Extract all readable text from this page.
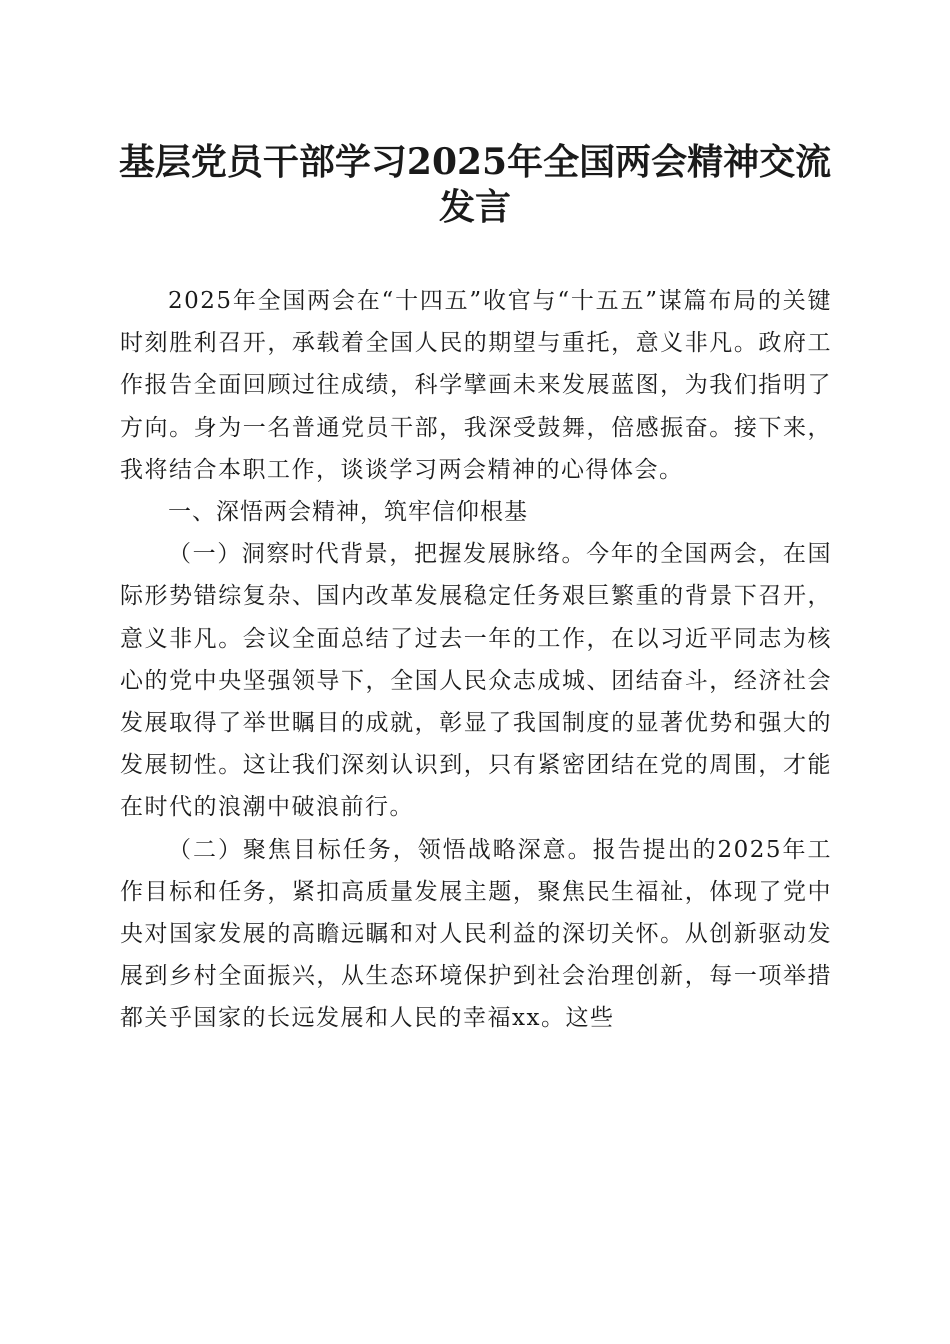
基层党员干部学习2025年全国两会精神交流
发言

2025年全国两会在“十四五”收官与“十五五”谋篇布局的关键时刻胜利召开，承载着全国人民的期望与重托，意义非凡。政府工作报告全面回顾过往成绩，科学擘画未来发展蓝图，为我们指明了方向。身为一名普通党员干部，我深受鼓舞，倍感振奋。接下来，我将结合本职工作，谈谈学习两会精神的心得体会。

一、深悟两会精神，筑牢信仰根基

（一）洞察时代背景，把握发展脉络。今年的全国两会，在国际形势错综复杂、国内改革发展稳定任务艰巨繁重的背景下召开，意义非凡。会议全面总结了过去一年的工作，在以习近平同志为核心的党中央坚强领导下，全国人民众志成城、团结奋斗，经济社会发展取得了举世瞩目的成就，彰显了我国制度的显著优势和强大的发展韧性。这让我们深刻认识到，只有紧密团结在党的周围，才能在时代的浪潮中破浪前行。

（二）聚焦目标任务，领悟战略深意。报告提出的2025年工作目标和任务，紧扣高质量发展主题，聚焦民生福祉，体现了党中央对国家发展的高瞻远瞩和对人民利益的深切关怀。从创新驱动发展到乡村全面振兴，从生态环境保护到社会治理创新，每一项举措都关乎国家的长远发展和人民的幸福xx。这些
